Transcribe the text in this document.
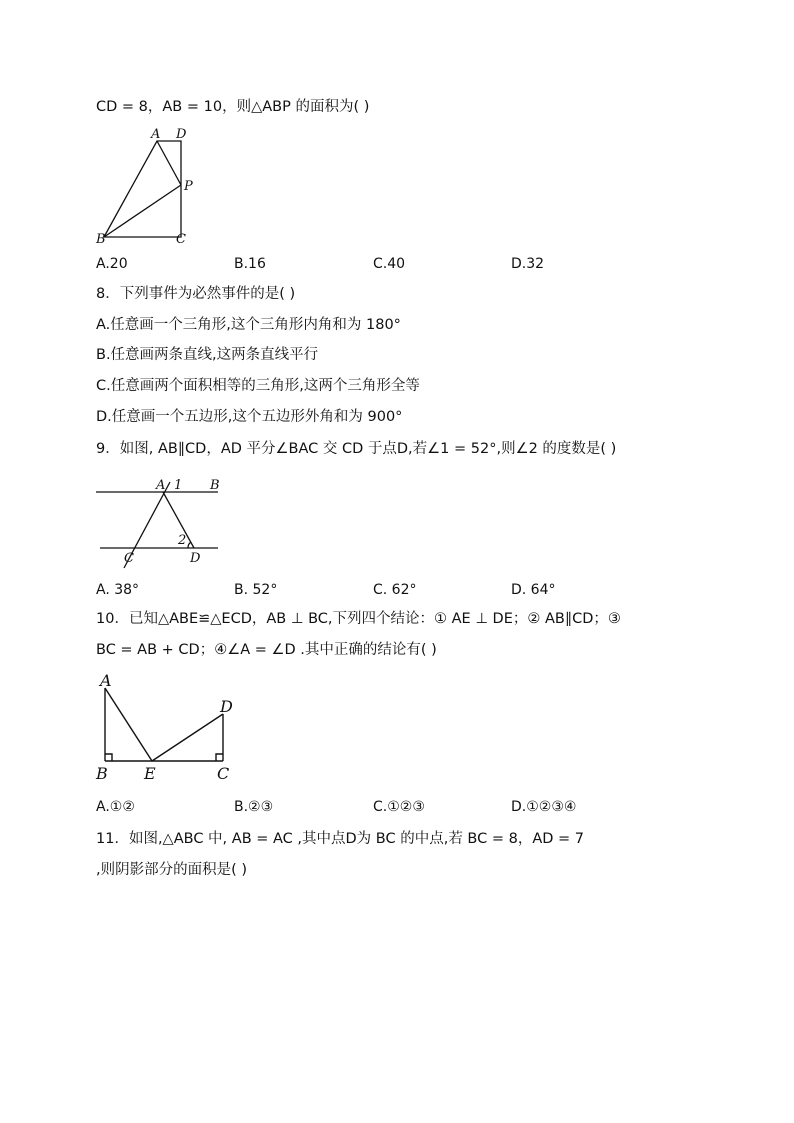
CD = 8，AB = 10，则△ABP 的面积为( )
A D
P
B	C
A.20	B.16	C.40	D.32
8．下列事件为必然事件的是( )
A.任意画一个三角形,这个三角形内角和为 180°
B.任意画两条直线,这两条直线平行
C.任意画两个面积相等的三角形,这两个三角形全等
D.任意画一个五边形,这个五边形外角和为 900°
9．如图, AB∥CD，AD 平分∠BAC 交 CD 于点D,若∠1 = 52°,则∠2 的度数是( )
A 1 B
2
C	D
A. 38°	B. 52°	C. 62°	D. 64°
10．已知△ABE≌△ECD，AB ⊥ BC,下列四个结论：① AE ⊥ DE；② AB∥CD；③
BC = AB + CD；④∠A = ∠D .其中正确的结论有( )
A
D
B E	C
A.①②	B.②③	C.①②③	D.①②③④
11．如图,△ABC 中, AB = AC ,其中点D为 BC 的中点,若 BC = 8，AD = 7
,则阴影部分的面积是( )
